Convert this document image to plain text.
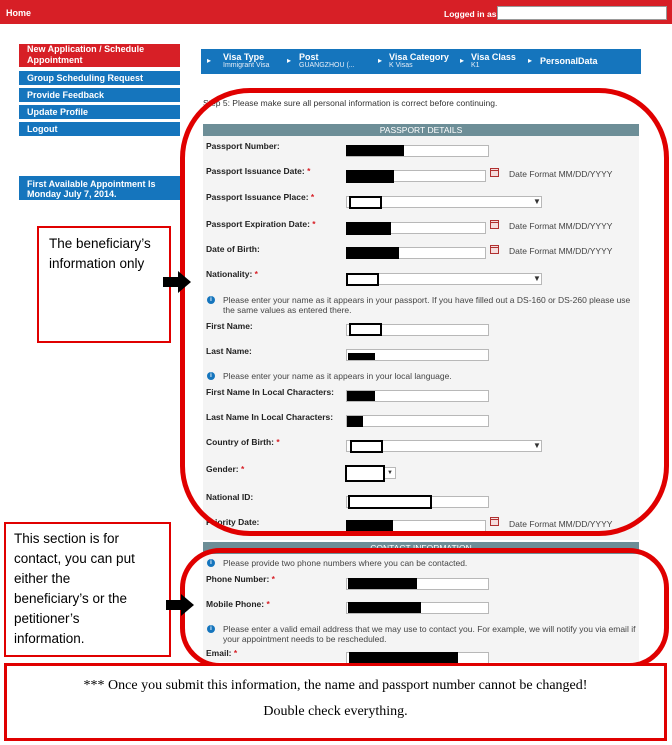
Home	Logged in as
New Application / Schedule Appointment
Group Scheduling Request
Provide Feedback
Update Profile
Logout
First Available Appointment Is Monday July 7, 2014.
▸ Visa Type
Immigrant Visa
▸ Post
GUANGZHOU (...
▸ Visa Category
K Visas
▸ Visa Class
K1
▸ PersonalData
Step 5: Please make sure all personal information is correct before continuing.
PASSPORT DETAILS
Passport Number:
Passport Issuance Date: *	Date Format MM/DD/YYYY
Passport Issuance Place: *	▼
Passport Expiration Date: *	Date Format MM/DD/YYYY
Date of Birth:	Date Format MM/DD/YYYY
Nationality: *	▼
i	Please enter your name as it appears in your passport. If you have filled out a DS-160 or DS-260 please use the same values as entered there.
First Name:
Last Name:
i	Please enter your name as it appears in your local language.
First Name In Local Characters:
Last Name In Local Characters:
Country of Birth: *	▼
Gender: *	▼
National ID:
Priority Date:	Date Format MM/DD/YYYY
CONTACT INFORMATION
i	Please provide two phone numbers where you can be contacted.
Phone Number: *
Mobile Phone: *
i	Please enter a valid email address that we may use to contact you. For example, we will notify you via email if your appointment needs to be rescheduled.
Email: *
The beneficiary’s
information only
This section is for
contact, you can put
either the
beneficiary’s or the
petitioner’s
information.
*** Once you submit this information, the name and passport number cannot be changed!
Double check everything.
